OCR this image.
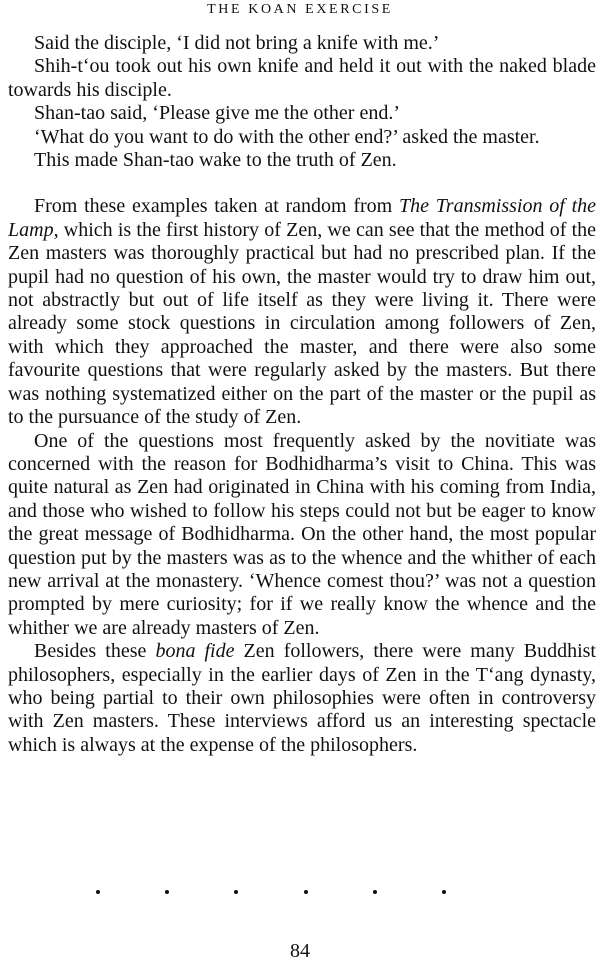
THE KOAN EXERCISE

Said the disciple, ‘I did not bring a knife with me.’

Shih-t‘ou took out his own knife and held it out with the naked blade towards his disciple.

Shan-tao said, ‘Please give me the other end.’

‘What do you want to do with the other end?’ asked the master.

This made Shan-tao wake to the truth of Zen.

From these examples taken at random from The Transmission of the Lamp, which is the first history of Zen, we can see that the method of the Zen masters was thoroughly practical but had no prescribed plan. If the pupil had no question of his own, the master would try to draw him out, not abstractly but out of life itself as they were living it. There were already some stock questions in circulation among followers of Zen, with which they approached the master, and there were also some favourite questions that were regularly asked by the masters. But there was nothing systematized either on the part of the master or the pupil as to the pursuance of the study of Zen.

One of the questions most frequently asked by the novitiate was concerned with the reason for Bodhidharma’s visit to China. This was quite natural as Zen had originated in China with his coming from India, and those who wished to follow his steps could not but be eager to know the great message of Bodhidharma. On the other hand, the most popular question put by the masters was as to the whence and the whither of each new arrival at the monastery. ‘Whence comest thou?’ was not a question prompted by mere curiosity; for if we really know the whence and the whither we are already masters of Zen.

Besides these bona fide Zen followers, there were many Buddhist philosophers, especially in the earlier days of Zen in the T‘ang dynasty, who being partial to their own philosophies were often in controversy with Zen masters. These interviews afford us an interesting spectacle which is always at the expense of the philosophers.

84
